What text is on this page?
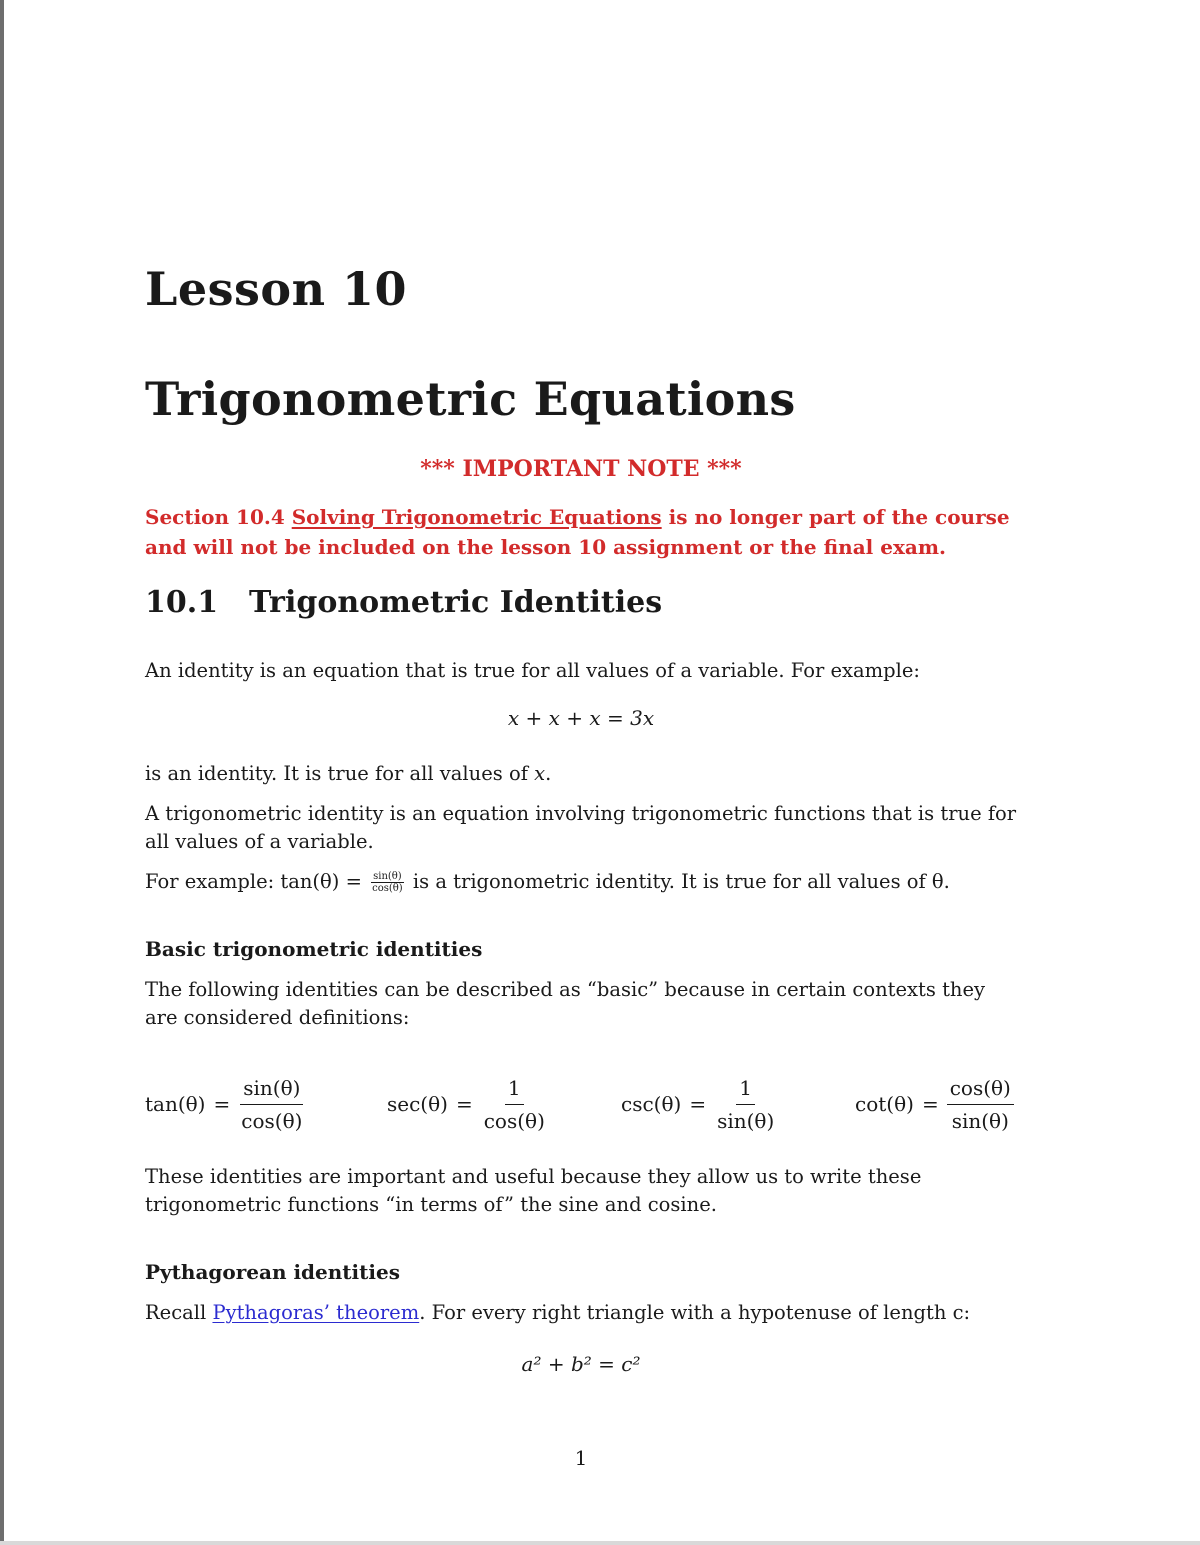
Lesson 10
Trigonometric Equations
*** IMPORTANT NOTE ***
Section 10.4 Solving Trigonometric Equations is no longer part of the course and will not be included on the lesson 10 assignment or the final exam.
10.1 Trigonometric Identities
An identity is an equation that is true for all values of a variable. For example:
x + x + x = 3x
is an identity. It is true for all values of x.
A trigonometric identity is an equation involving trigonometric functions that is true for all values of a variable.
For example: $\tan(\theta) = \frac{\sin(\theta)}{\cos(\theta)}$ is a trigonometric identity. It is true for all values of θ.
Basic trigonometric identities
The following identities can be described as “basic” because in certain contexts they are considered definitions:
$\tan(\theta) = \frac{\sin(\theta)}{\cos(\theta)}$	$\sec(\theta) = \frac{1}{\cos(\theta)}$	$\csc(\theta) = \frac{1}{\sin(\theta)}$	$\cot(\theta) = \frac{\cos(\theta)}{\sin(\theta)}$
These identities are important and useful because they allow us to write these trigonometric functions “in terms of” the sine and cosine.
Pythagorean identities
Recall Pythagoras’ theorem. For every right triangle with a hypotenuse of length c:
a² + b² = c²
1
